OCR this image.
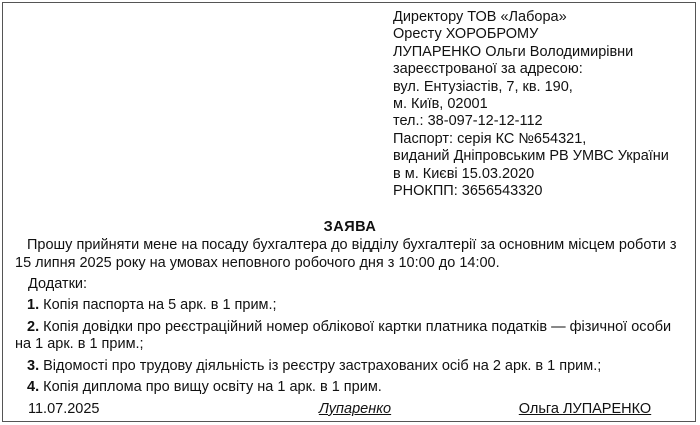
Директору ТОВ «Лабора»
Оресту ХОРОБРОМУ
ЛУПАРЕНКО Ольги Володимирівни
зареєстрованої за адресою:
вул. Ентузіастів, 7, кв. 190,
м. Київ, 02001
тел.: 38-097-12-12-112
Паспорт: серія КС №654321,
виданий Дніпровським РВ УМВС України
в м. Києві 15.03.2020
РНОКПП: 3656543320
ЗАЯВА
Прошу прийняти мене на посаду бухгалтера до відділу бухгалтерії за основним місцем роботи з 15 липня 2025 року на умовах неповного робочого дня з 10:00 до 14:00.
Додатки:
1. Копія паспорта на 5 арк. в 1 прим.;
2. Копія довідки про реєстраційний номер облікової картки платника податків — фізичної особи на 1 арк. в 1 прим.;
3. Відомості про трудову діяльність із реєстру застрахованих осіб на 2 арк. в 1 прим.;
4. Копія диплома про вищу освіту на 1 арк. в 1 прим.
11.07.2025	Лупаренко	Ольга ЛУПАРЕНКО
